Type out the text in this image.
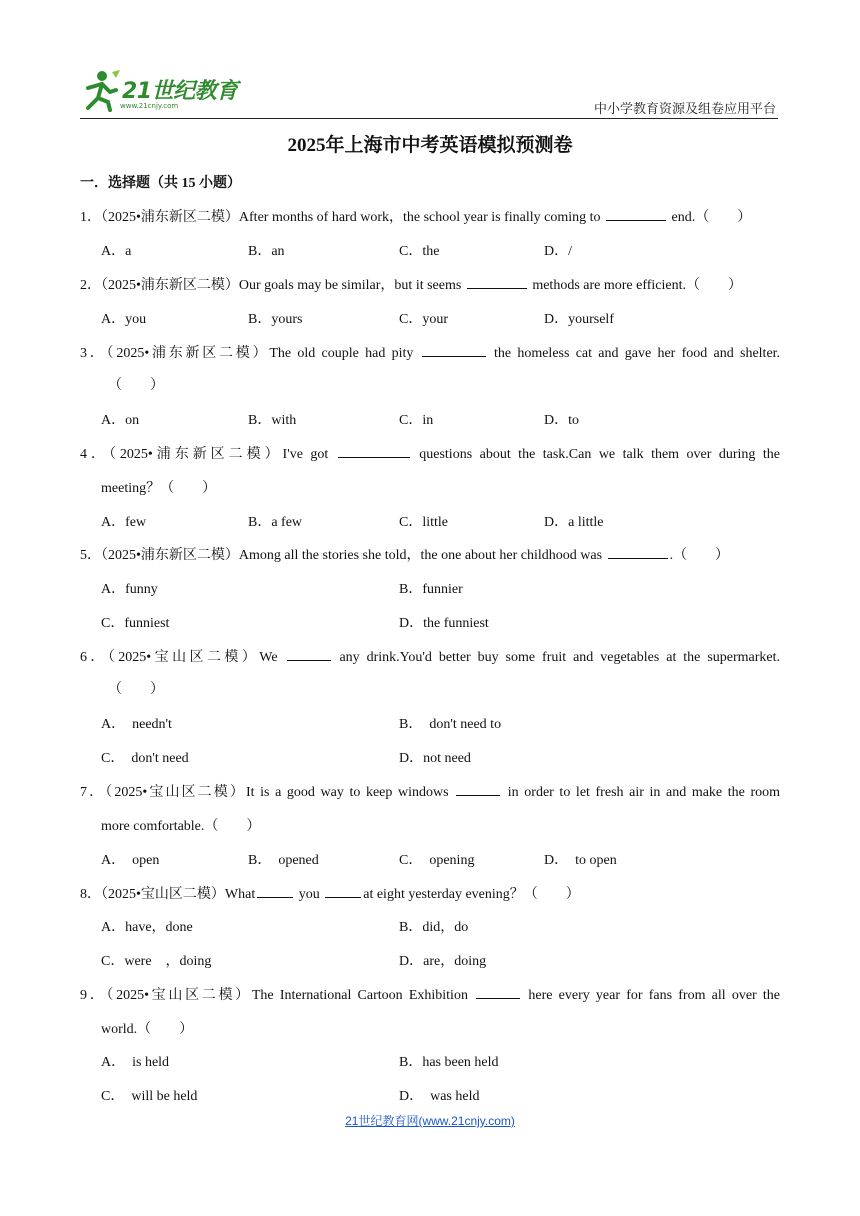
21世纪教育
www.21cnjy.com	中小学教育资源及组卷应用平台
2025年上海市中考英语模拟预测卷
一．选择题（共 15 小题）
1．（2025•浦东新区二模）After months of hard work，the school year is finally coming to	end.（　　）
A．a	B．an	C．the	D．/
2．（2025•浦东新区二模）Our goals may be similar，but it seems	methods are more efficient.（　　）
A．you	B．yours	C．your	D．yourself
3．（2025•浦东新区二模）The old couple had pity	the homeless cat and gave her food and shelter.
（　　）
A．on	B．with	C．in	D．to
4．（2025•浦东新区二模）I've got	questions about the task.Can we talk them over during the
meeting？（　　）
A．few	B．a few	C．little	D．a little
5．（2025•浦东新区二模）Among all the stories she told，the one about her childhood was	.（　　）
A．funny	B．funnier
C．funniest	D．the funniest
6．（2025•宝山区二模）We	any drink.You'd better buy some fruit and vegetables at the supermarket.
（　　）
A．　needn't	B．　don't need to
C．　don't need	D．not need
7．（2025•宝山区二模）It is a good way to keep windows	in order to let fresh air in and make the room
more comfortable.（　　）
A．　open	B．　opened	C．　opening	D．　to open
8．（2025•宝山区二模）What	you	at eight yesterday evening？（　　）
A．have，done	B．did，do
C．were　，doing	D．are，doing
9．（2025•宝山区二模）The International Cartoon Exhibition	here every year for fans from all over the
world.（　　）
A．　is held	B．has been held
C．　will be held	D．　was held
21世纪教育网(www.21cnjy.com)
